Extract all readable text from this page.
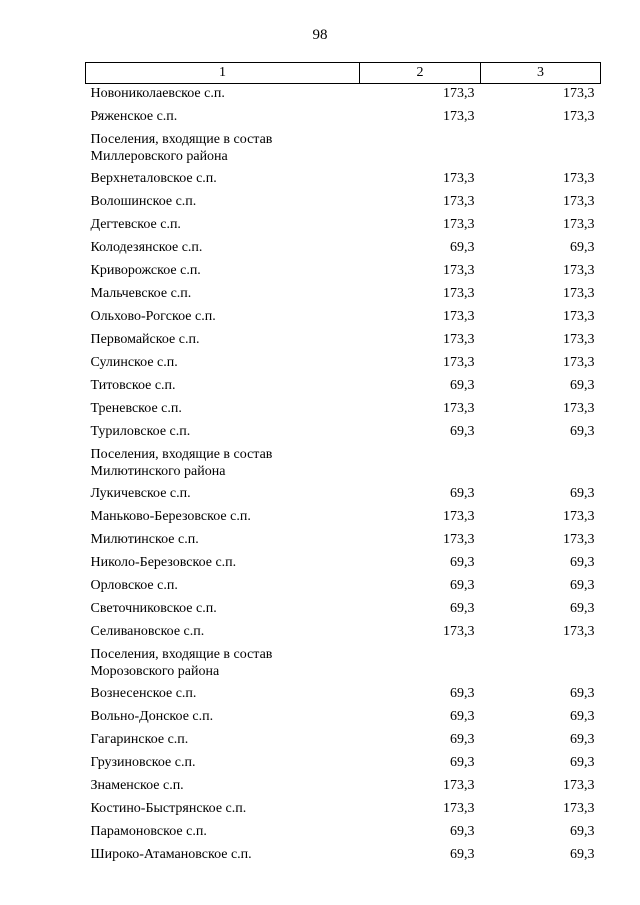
98
1	2	3
Новониколаевское с.п.	173,3	173,3
Ряженское с.п.	173,3	173,3
Поселения, входящие в состав Миллеровского района		
Верхнеталовское с.п.	173,3	173,3
Волошинское с.п.	173,3	173,3
Дегтевское с.п.	173,3	173,3
Колодезянское с.п.	69,3	69,3
Криворожское с.п.	173,3	173,3
Мальчевское с.п.	173,3	173,3
Ольхово-Рогское с.п.	173,3	173,3
Первомайское с.п.	173,3	173,3
Сулинское с.п.	173,3	173,3
Титовское с.п.	69,3	69,3
Треневское с.п.	173,3	173,3
Туриловское с.п.	69,3	69,3
Поселения, входящие в состав Милютинского района		
Лукичевское с.п.	69,3	69,3
Маньково-Березовское с.п.	173,3	173,3
Милютинское с.п.	173,3	173,3
Николо-Березовское с.п.	69,3	69,3
Орловское с.п.	69,3	69,3
Светочниковское с.п.	69,3	69,3
Селивановское с.п.	173,3	173,3
Поселения, входящие в состав Морозовского района		
Вознесенское с.п.	69,3	69,3
Вольно-Донское с.п.	69,3	69,3
Гагаринское с.п.	69,3	69,3
Грузиновское с.п.	69,3	69,3
Знаменское с.п.	173,3	173,3
Костино-Быстрянское с.п.	173,3	173,3
Парамоновское с.п.	69,3	69,3
Широко-Атамановское с.п.	69,3	69,3
